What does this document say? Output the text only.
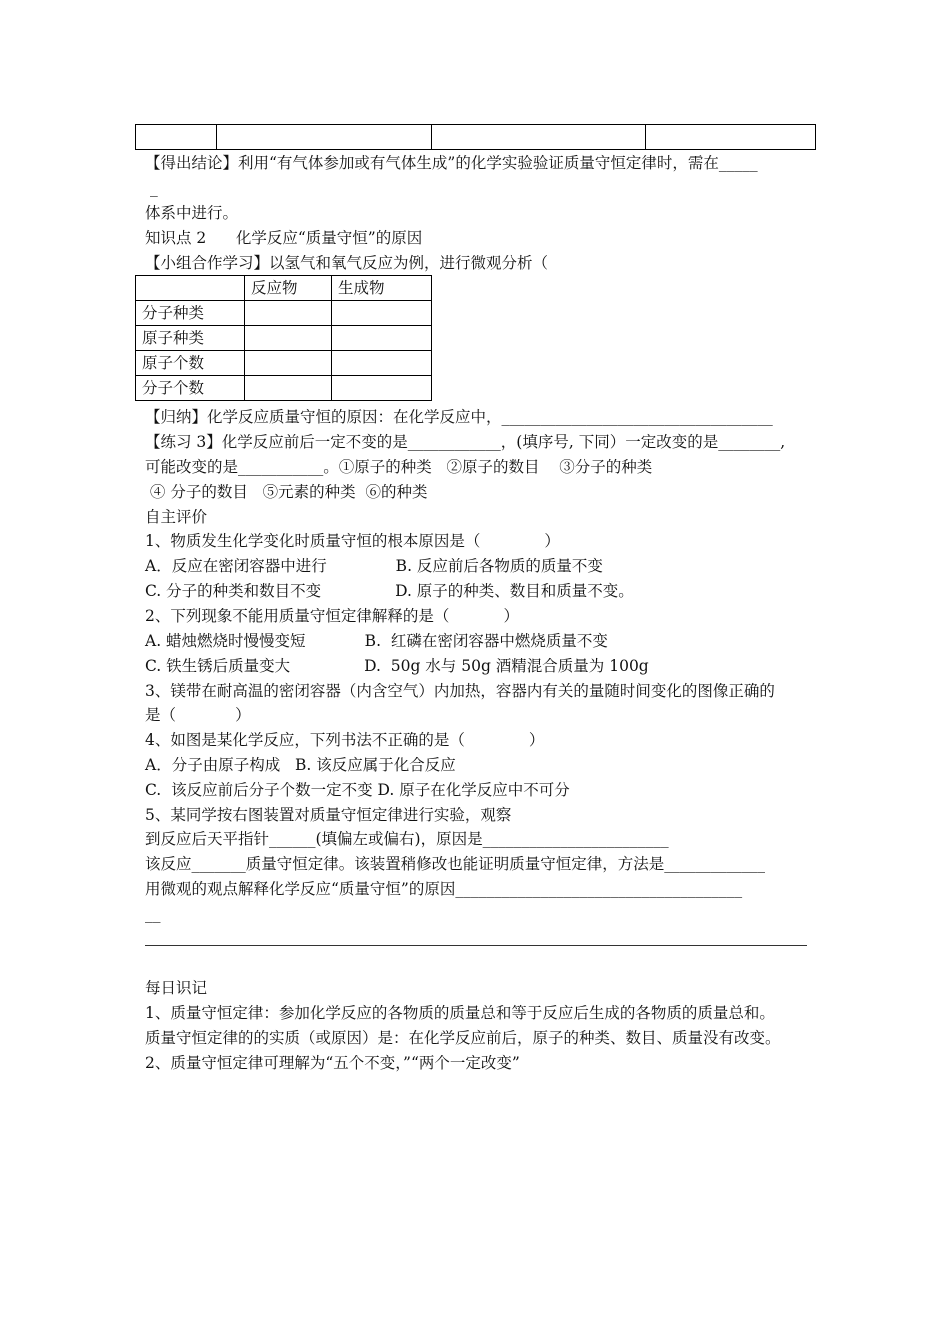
【得出结论】利用“有气体参加或有气体生成”的化学实验验证质量守恒定律时，需在_____
_
体系中进行。
知识点 2      化学反应“质量守恒”的原因
【小组合作学习】以氢气和氧气反应为例，进行微观分析（
	反应物	生成物
分子种类		
原子种类		
原子个数		
分子个数		
【归纳】化学反应质量守恒的原因：在化学反应中，___________________________________
【练习 3】化学反应前后一定不变的是____________，(填序号, 下同）一定改变的是________,
可能改变的是___________。①原子的种类   ②原子的数目    ③分子的种类
④ 分子的数目   ⑤元素的种类  ⑥的种类
自主评价
1、物质发生化学变化时质量守恒的根本原因是（             ）
A．反应在密闭容器中进行              B. 反应前后各物质的质量不变
C. 分子的种类和数目不变               D. 原子的种类、数目和质量不变。
2、下列现象不能用质量守恒定律解释的是（           ）
A. 蜡烛燃烧时慢慢变短            B.  红磷在密闭容器中燃烧质量不变
C. 铁生锈后质量变大               D.  50g 水与 50g 酒精混合质量为 100g
3、镁带在耐高温的密闭容器（内含空气）内加热，容器内有关的量随时间变化的图像正确的
是（            ）
4、如图是某化学反应，下列书法不正确的是（             ）
A．分子由原子构成   B. 该反应属于化合反应
C.  该反应前后分子个数一定不变 D. 原子在化学反应中不可分
5、某同学按右图装置对质量守恒定律进行实验，观察
到反应后天平指针______(填偏左或偏右)，原因是________________________
该反应_______质量守恒定律。该装置稍修改也能证明质量守恒定律，方法是_____________
用微观的观点解释化学反应“质量守恒”的原因_____________________________________
__
每日识记
1、质量守恒定律：参加化学反应的各物质的质量总和等于反应后生成的各物质的质量总和。
质量守恒定律的的实质（或原因）是：在化学反应前后，原子的种类、数目、质量没有改变。
2、质量守恒定律可理解为“五个不变，”“两个一定改变”
